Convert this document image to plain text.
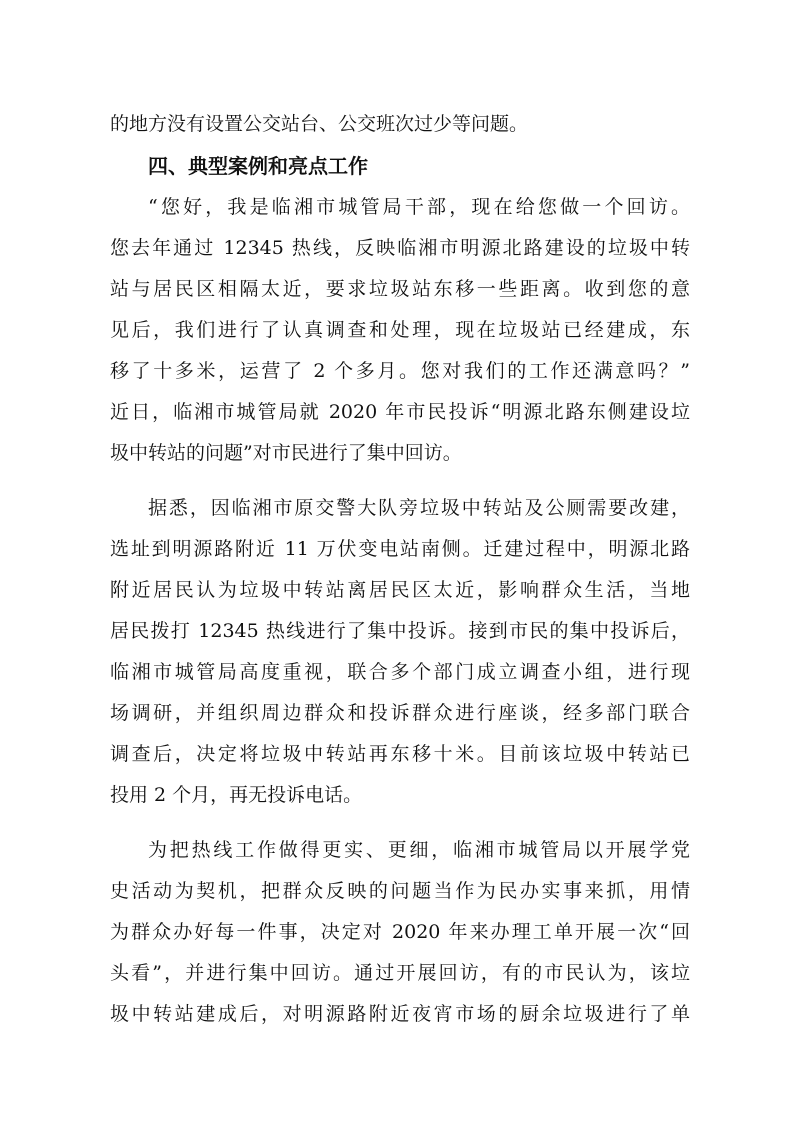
的地方没有设置公交站台、公交班次过少等问题。
四、典型案例和亮点工作
“您好，我是临湘市城管局干部，现在给您做一个回访。
您去年通过 12345 热线，反映临湘市明源北路建设的垃圾中转
站与居民区相隔太近，要求垃圾站东移一些距离。收到您的意
见后，我们进行了认真调查和处理，现在垃圾站已经建成，东
移了十多米，运营了 2 个多月。您对我们的工作还满意吗？”
近日，临湘市城管局就 2020 年市民投诉“明源北路东侧建设垃
圾中转站的问题”对市民进行了集中回访。
据悉，因临湘市原交警大队旁垃圾中转站及公厕需要改建，
选址到明源路附近 11 万伏变电站南侧。迁建过程中，明源北路
附近居民认为垃圾中转站离居民区太近，影响群众生活，当地
居民拨打 12345 热线进行了集中投诉。接到市民的集中投诉后，
临湘市城管局高度重视，联合多个部门成立调查小组，进行现
场调研，并组织周边群众和投诉群众进行座谈，经多部门联合
调查后，决定将垃圾中转站再东移十米。目前该垃圾中转站已
投用 2 个月，再无投诉电话。
为把热线工作做得更实、更细，临湘市城管局以开展学党
史活动为契机，把群众反映的问题当作为民办实事来抓，用情
为群众办好每一件事，决定对 2020 年来办理工单开展一次“回
头看”，并进行集中回访。通过开展回访，有的市民认为，该垃
圾中转站建成后，对明源路附近夜宵市场的厨余垃圾进行了单
